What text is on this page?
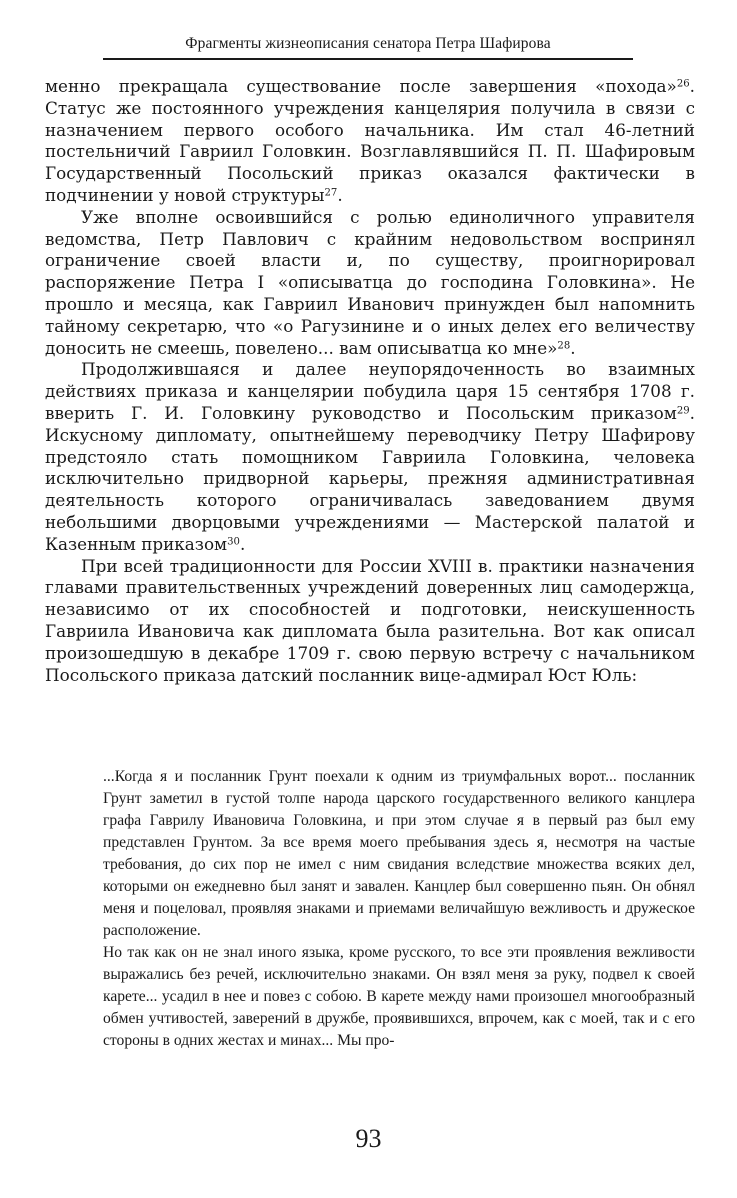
Фрагменты жизнеописания сенатора Петра Шафирова

менно прекращала существование после завершения «похода»$^{26}$. Статус же постоянного учреждения канцелярия получила в связи с назначением первого особого начальника. Им стал 46-летний постельничий Гавриил Головкин. Возглавлявшийся П. П. Шафировым Государственный Посольский приказ оказался фактически в подчинении у новой структуры$^{27}$.

Уже вполне освоившийся с ролью единоличного управителя ведомства, Петр Павлович с крайним недовольством воспринял ограничение своей власти и, по существу, проигнорировал распоряжение Петра I «описыватца до господина Головкина». Не прошло и месяца, как Гавриил Иванович принужден был напомнить тайному секретарю, что «о Рагузинине и о иных делех его величеству доносить не смеешь, повелено... вам описыватца ко мне»$^{28}$.

Продолжившаяся и далее неупорядоченность во взаимных действиях приказа и канцелярии побудила царя 15 сентября 1708 г. вверить Г. И. Головкину руководство и Посольским приказом$^{29}$. Искусному дипломату, опытнейшему переводчику Петру Шафирову предстояло стать помощником Гавриила Головкина, человека исключительно придворной карьеры, прежняя административная деятельность которого ограничивалась заведованием двумя небольшими дворцовыми учреждениями — Мастерской палатой и Казенным приказом$^{30}$.

При всей традиционности для России XVIII в. практики назначения главами правительственных учреждений доверенных лиц самодержца, независимо от их способностей и подготовки, неискушенность Гавриила Ивановича как дипломата была разительна. Вот как описал произошедшую в декабре 1709 г. свою первую встречу с начальником Посольского приказа датский посланник вице-адмирал Юст Юль:

...Когда я и посланник Грунт поехали к одним из триумфальных ворот... посланник Грунт заметил в густой толпе народа царского государственного великого канцлера графа Гаврилу Ивановича Головкина, и при этом случае я в первый раз был ему представлен Грунтом. За все время моего пребывания здесь я, несмотря на частые требования, до сих пор не имел с ним свидания вследствие множества всяких дел, которыми он ежедневно был занят и завален. Канцлер был совершенно пьян. Он обнял меня и поцеловал, проявляя знаками и приемами величайшую вежливость и дружеское расположение.

Но так как он не знал иного языка, кроме русского, то все эти проявления вежливости выражались без речей, исключительно знаками. Он взял меня за руку, подвел к своей карете... усадил в нее и повез с собою. В карете между нами произошел многообразный обмен учтивостей, заверений в дружбе, проявившихся, впрочем, как с моей, так и с его стороны в одних жестах и минах... Мы про-

93
